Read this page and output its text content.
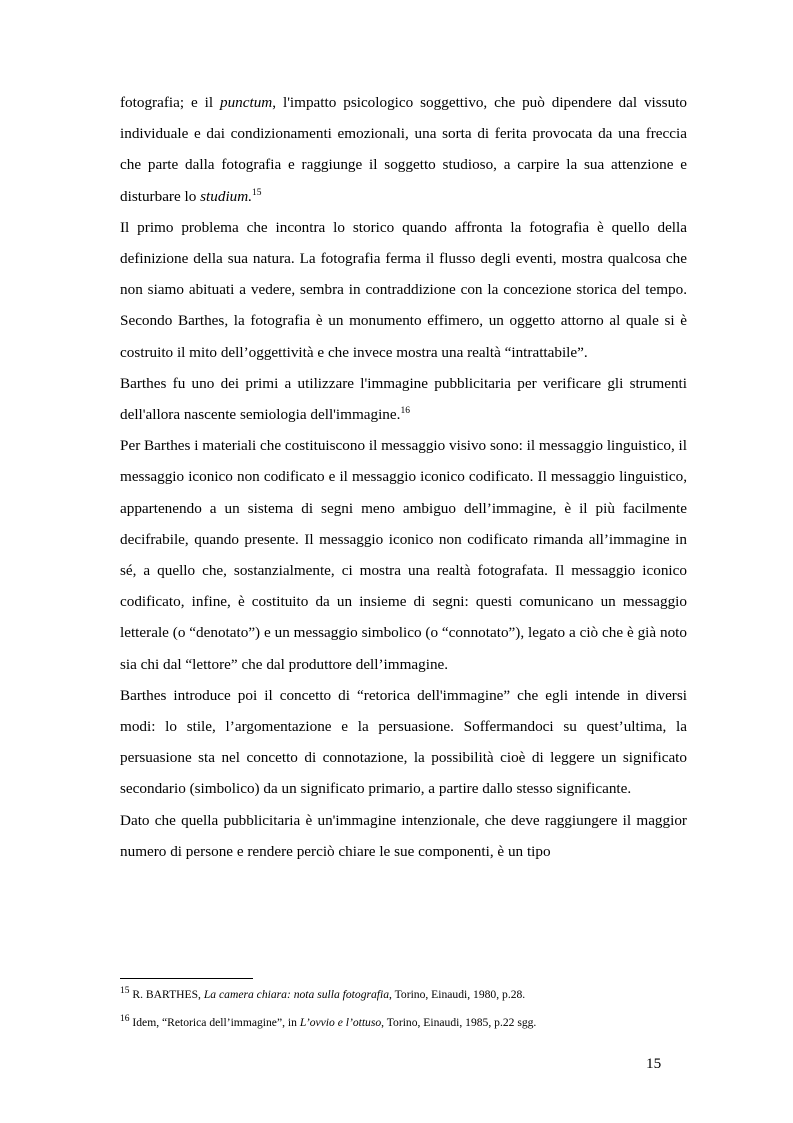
fotografia; e il punctum, l'impatto psicologico soggettivo, che può dipendere dal vissuto individuale e dai condizionamenti emozionali, una sorta di ferita provocata da una freccia che parte dalla fotografia e raggiunge il soggetto studioso, a carpire la sua attenzione e disturbare lo studium.$^{15}$

Il primo problema che incontra lo storico quando affronta la fotografia è quello della definizione della sua natura. La fotografia ferma il flusso degli eventi, mostra qualcosa che non siamo abituati a vedere, sembra in contraddizione con la concezione storica del tempo. Secondo Barthes, la fotografia è un monumento effimero, un oggetto attorno al quale si è costruito il mito dell’oggettività e che invece mostra una realtà “intrattabile”.

Barthes fu uno dei primi a utilizzare l'immagine pubblicitaria per verificare gli strumenti dell'allora nascente semiologia dell'immagine.$^{16}$

Per Barthes i materiali che costituiscono il messaggio visivo sono: il messaggio linguistico, il messaggio iconico non codificato e il messaggio iconico codificato. Il messaggio linguistico, appartenendo a un sistema di segni meno ambiguo dell’immagine, è il più facilmente decifrabile, quando presente. Il messaggio iconico non codificato rimanda all’immagine in sé, a quello che, sostanzialmente, ci mostra una realtà fotografata. Il messaggio iconico codificato, infine, è costituito da un insieme di segni: questi comunicano un messaggio letterale (o “denotato”) e un messaggio simbolico (o “connotato”), legato a ciò che è già noto sia chi dal “lettore” che dal produttore dell’immagine.

Barthes introduce poi il concetto di “retorica dell'immagine” che egli intende in diversi modi: lo stile, l’argomentazione e la persuasione. Soffermandoci su quest’ultima, la persuasione sta nel concetto di connotazione, la possibilità cioè di leggere un significato secondario (simbolico) da un significato primario, a partire dallo stesso significante.

Dato che quella pubblicitaria è un'immagine intenzionale, che deve raggiungere il maggior numero di persone e rendere perciò chiare le sue componenti, è un tipo

$^{15}$ R. BARTHES, La camera chiara: nota sulla fotografia, Torino, Einaudi, 1980, p.28.
$^{16}$ Idem, “Retorica dell’immagine”, in L’ovvio e l’ottuso, Torino, Einaudi, 1985, p.22 sgg.
15
